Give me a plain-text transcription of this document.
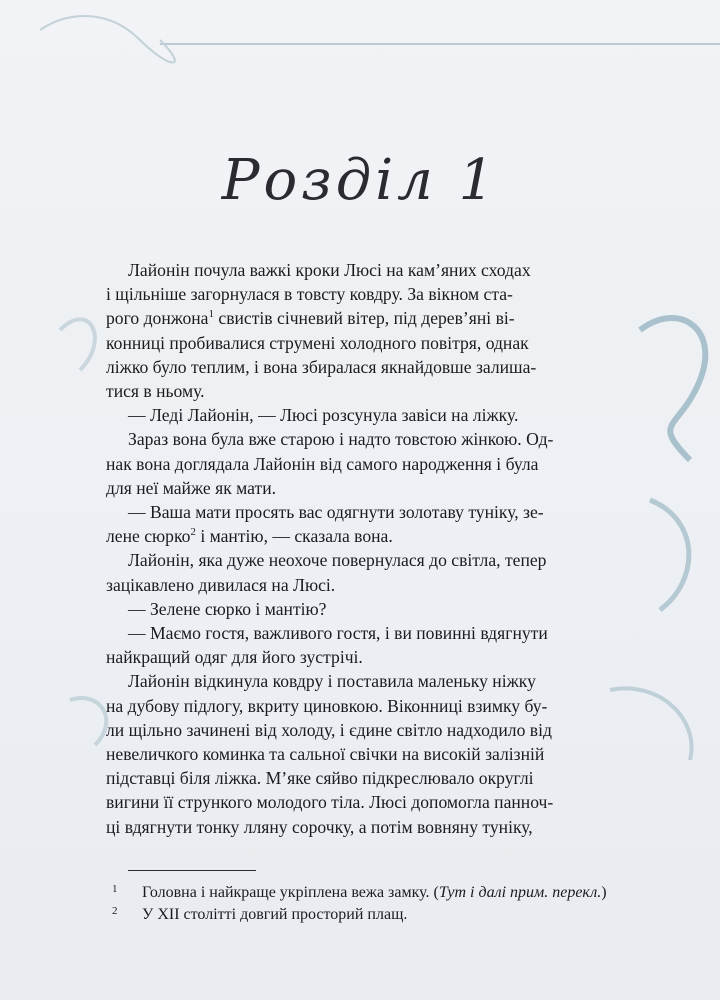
Розділ 1
Лайонін почула важкі кроки Люсі на кам’яних сходах
і щільніше загорнулася в товсту ковдру. За вікном ста-
рого донжона$^1$ свистів січневий вітер, під дерев’яні ві-
конниці пробивалися струмені холодного повітря, однак
ліжко було теплим, і вона збиралася якнайдовше залиша-
тися в ньому.
— Леді Лайонін, — Люсі розсунула завіси на ліжку.
Зараз вона була вже старою і надто товстою жінкою. Од-
нак вона доглядала Лайонін від самого народження і була
для неї майже як мати.
— Ваша мати просять вас одягнути золотаву туніку, зе-
лене сюрко$^2$ і мантію, — сказала вона.
Лайонін, яка дуже неохоче повернулася до світла, тепер
зацікавлено дивилася на Люсі.
— Зелене сюрко і мантію?
— Маємо гостя, важливого гостя, і ви повинні вдягнути
найкращий одяг для його зустрічі.
Лайонін відкинула ковдру і поставила маленьку ніжку
на дубову підлогу, вкриту циновкою. Віконниці взимку бу-
ли щільно зачинені від холоду, і єдине світло надходило від
невеличкого коминка та сальної свічки на високій залізній
підставці біля ліжка. М’яке сяйво підкреслювало округлі
вигини її стрункого молодого тіла. Люсі допомогла панноч-
ці вдягнути тонку лляну сорочку, а потім вовняну туніку,
1 Головна і найкраще укріплена вежа замку. (Тут і далі прим. перекл.)
2 У XII столітті довгий просторий плащ.
